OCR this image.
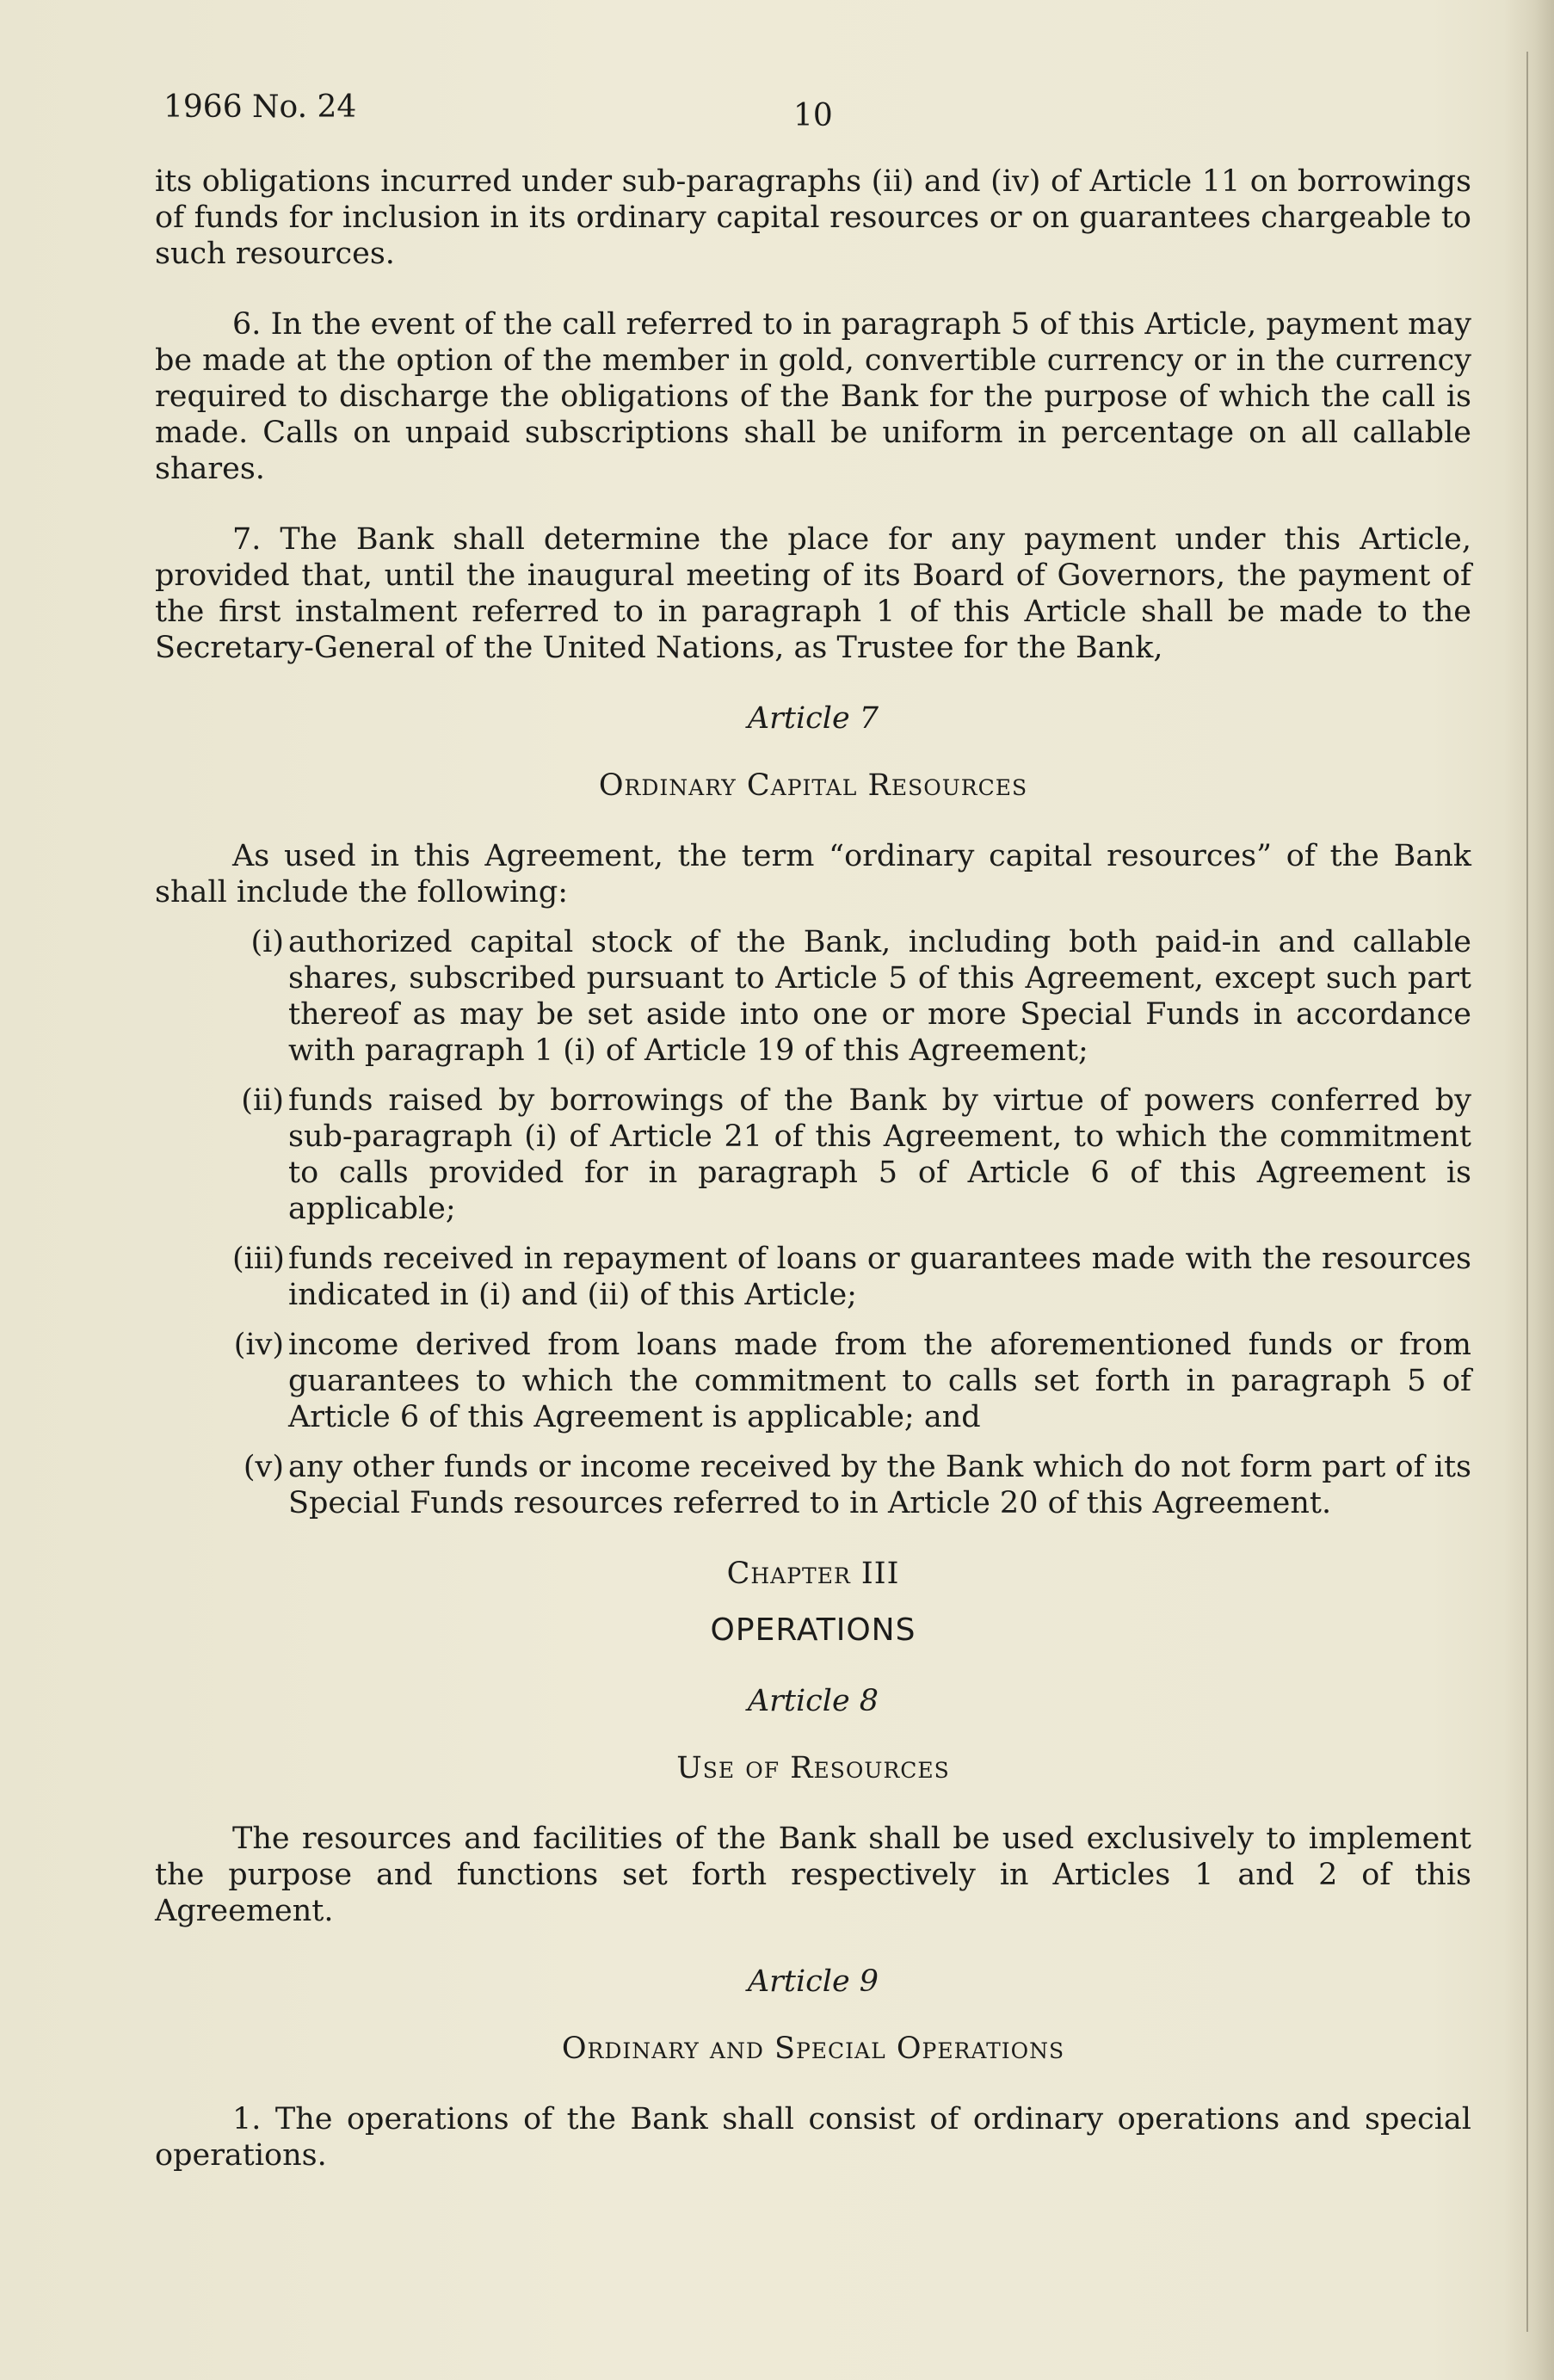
1966 No. 24	10

its obligations incurred under sub-paragraphs (ii) and (iv) of Article 11 on borrowings of funds for inclusion in its ordinary capital resources or on guarantees chargeable to such resources.

6. In the event of the call referred to in paragraph 5 of this Article, payment may be made at the option of the member in gold, convertible currency or in the currency required to discharge the obligations of the Bank for the purpose of which the call is made. Calls on unpaid subscriptions shall be uniform in percentage on all callable shares.

7. The Bank shall determine the place for any payment under this Article, provided that, until the inaugural meeting of its Board of Governors, the payment of the first instalment referred to in paragraph 1 of this Article shall be made to the Secretary-General of the United Nations, as Trustee for the Bank,

Article 7
Ordinary Capital Resources

As used in this Agreement, the term “ordinary capital resources” of the Bank shall include the following:

(i) authorized capital stock of the Bank, including both paid-in and callable shares, subscribed pursuant to Article 5 of this Agreement, except such part thereof as may be set aside into one or more Special Funds in accordance with paragraph 1 (i) of Article 19 of this Agreement;
(ii) funds raised by borrowings of the Bank by virtue of powers conferred by sub-paragraph (i) of Article 21 of this Agreement, to which the commitment to calls provided for in paragraph 5 of Article 6 of this Agreement is applicable;
(iii) funds received in repayment of loans or guarantees made with the resources indicated in (i) and (ii) of this Article;
(iv) income derived from loans made from the aforementioned funds or from guarantees to which the commitment to calls set forth in paragraph 5 of Article 6 of this Agreement is applicable; and
(v) any other funds or income received by the Bank which do not form part of its Special Funds resources referred to in Article 20 of this Agreement.
Chapter III
OPERATIONS
Article 8
Use of Resources

The resources and facilities of the Bank shall be used exclusively to implement the purpose and functions set forth respectively in Articles 1 and 2 of this Agreement.

Article 9
Ordinary and Special Operations

1. The operations of the Bank shall consist of ordinary operations and special operations.
